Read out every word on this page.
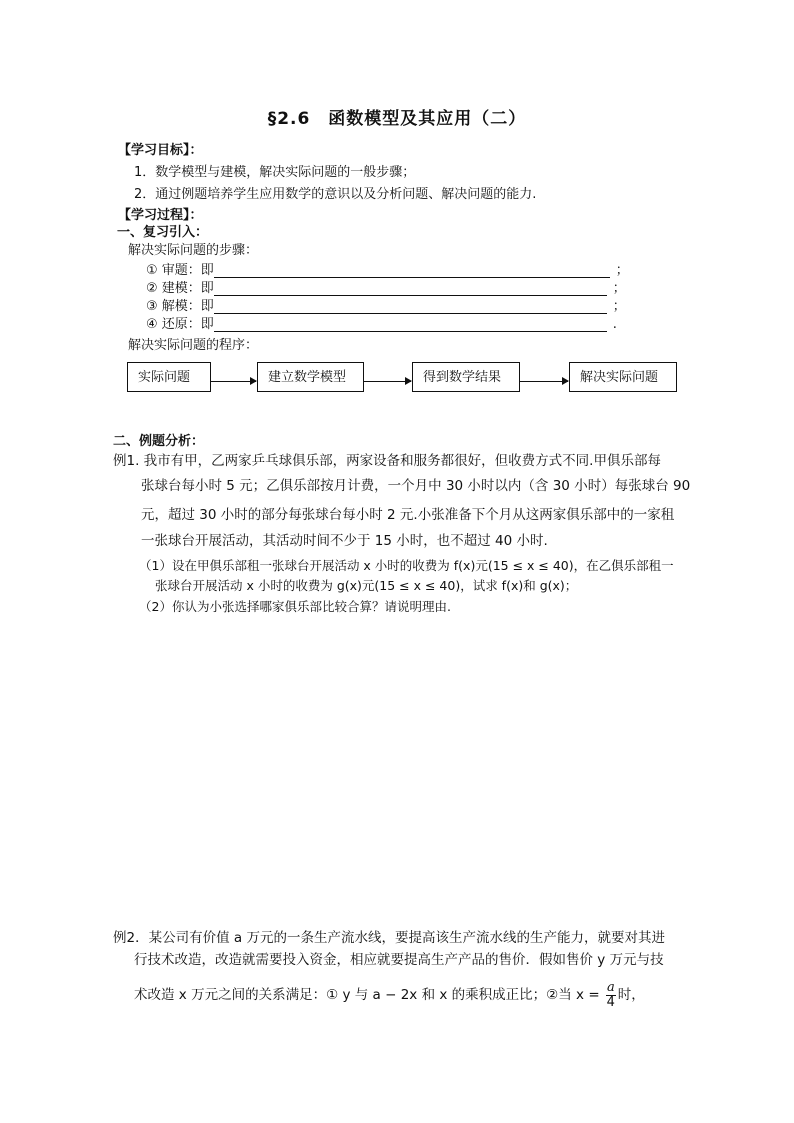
§2.6　函数模型及其应用（二）
【学习目标】：
1．数学模型与建模，解决实际问题的一般步骤；
2．通过例题培养学生应用数学的意识以及分析问题、解决问题的能力.
【学习过程】：
一、复习引入：
解决实际问题的步骤：
① 审题：即	；
② 建模：即	；
③ 解模：即	；
④ 还原：即	.
解决实际问题的程序：
实际问题	建立数学模型	得到数学结果	解决实际问题
二、例题分析：
例1. 我市有甲，乙两家乒乓球俱乐部，两家设备和服务都很好，但收费方式不同.甲俱乐部每
张球台每小时 5 元；乙俱乐部按月计费，一个月中 30 小时以内（含 30 小时）每张球台 90
元，超过 30 小时的部分每张球台每小时 2 元.小张准备下个月从这两家俱乐部中的一家租
一张球台开展活动，其活动时间不少于 15 小时，也不超过 40 小时.
（1）设在甲俱乐部租一张球台开展活动 x 小时的收费为 f(x)元(15 ≤ x ≤ 40)，在乙俱乐部租一
张球台开展活动 x 小时的收费为 g(x)元(15 ≤ x ≤ 40)，试求 f(x)和 g(x)；
（2）你认为小张选择哪家俱乐部比较合算？请说明理由.
例2．某公司有价值 a 万元的一条生产流水线，要提高该生产流水线的生产能力，就要对其进
行技术改造，改造就需要投入资金，相应就要提高生产产品的售价．假如售价 y 万元与技
术改造 x 万元之间的关系满足：① y 与 a − 2x 和 x 的乘积成正比；②当 $x = \frac{a}{4}$ 时，
